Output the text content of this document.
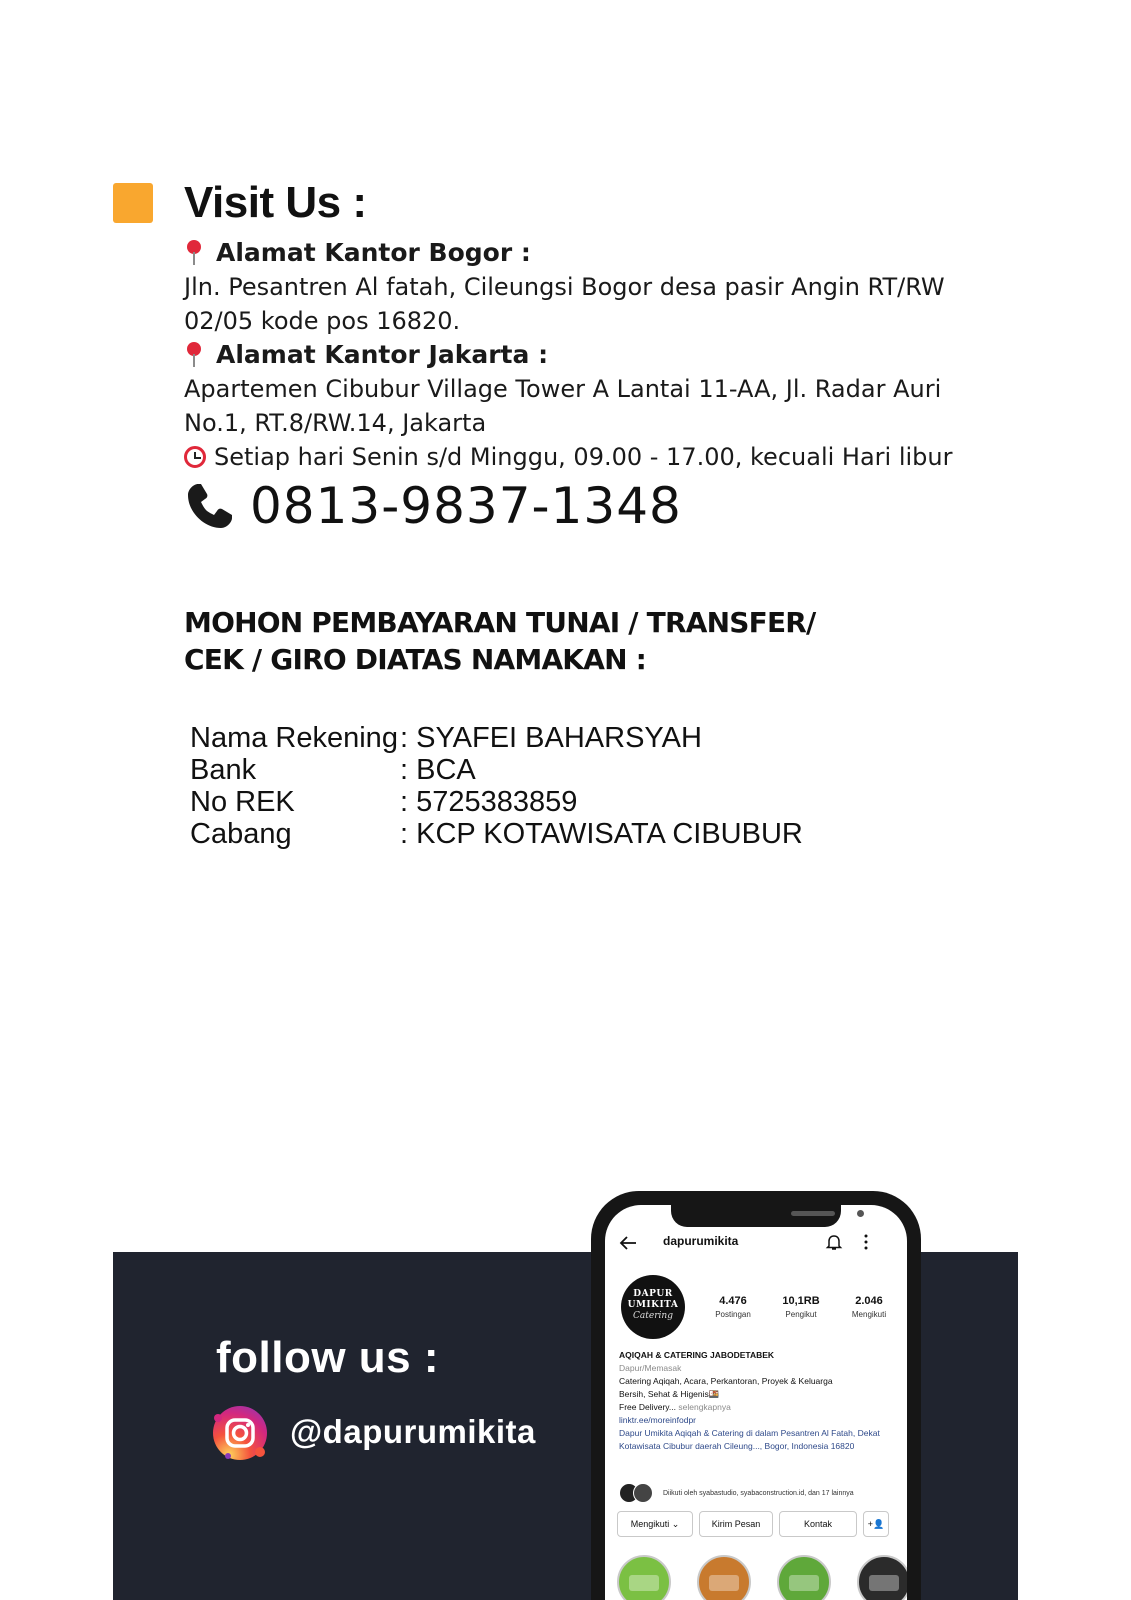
Visit Us :
Alamat Kantor Bogor :
Jln. Pesantren Al fatah, Cileungsi Bogor desa pasir Angin RT/RW
02/05 kode pos 16820.
Alamat Kantor Jakarta :
Apartemen Cibubur Village Tower A Lantai 11-AA, Jl. Radar Auri
No.1, RT.8/RW.14, Jakarta
Setiap hari Senin s/d Minggu, 09.00 - 17.00, kecuali Hari libur
0813-9837-1348
MOHON PEMBAYARAN TUNAI / TRANSFER/
CEK / GIRO DIATAS NAMAKAN :
Nama Rekening : SYAFEI BAHARSYAH
Bank	: BCA
No REK	: 5725383859
Cabang	: KCP KOTAWISATA CIBUBUR
follow us :
@dapurumikita
dapurumikita
DAPUR
UMIKITA
Catering
4.476
Postingan
10,1RB
Pengikut
2.046
Mengikuti
AQIQAH & CATERING JABODETABEK
Dapur/Memasak
Catering Aqiqah, Acara, Perkantoran, Proyek & Keluarga
Bersih, Sehat & Higenis🍱
Free Delivery... selengkapnya
linktr.ee/moreinfodpr
Dapur Umikita Aqiqah & Catering di dalam Pesantren Al Fatah, Dekat Kotawisata Cibubur daerah Cileung..., Bogor, Indonesia 16820
Diikuti oleh syabastudio, syabaconstruction.id, dan 17 lainnya
Mengikuti ⌄	Kirim Pesan	Kontak	+👤
